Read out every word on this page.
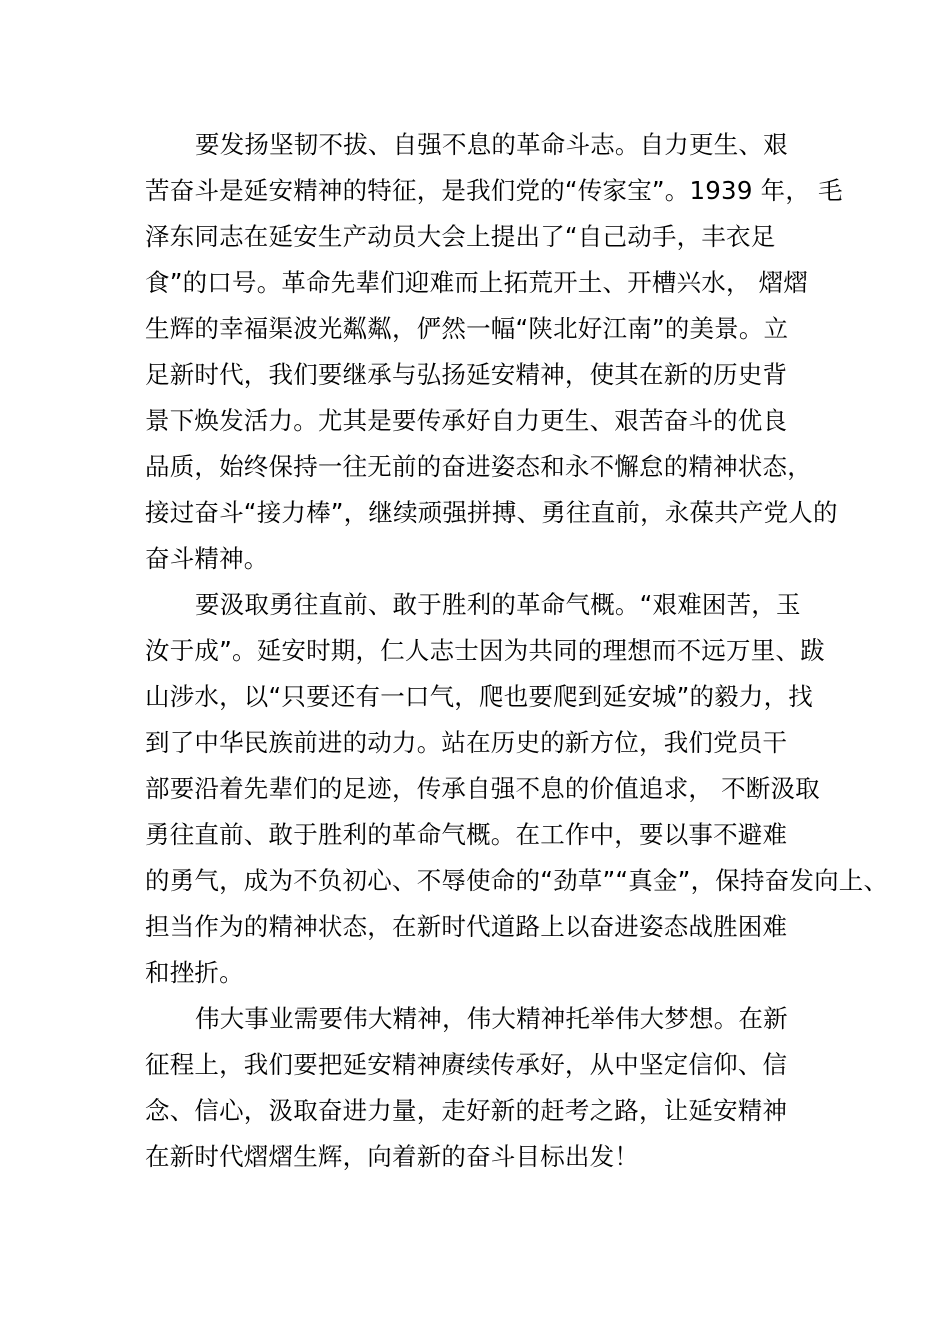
要发扬坚韧不拔、自强不息的革命斗志。自力更生、艰
苦奋斗是延安精神的特征，是我们党的“传家宝”。1939 年， 毛
泽东同志在延安生产动员大会上提出了“自己动手，丰衣足
食”的口号。革命先辈们迎难而上拓荒开土、开槽兴水， 熠熠
生辉的幸福渠波光粼粼，俨然一幅“陕北好江南”的美景。立
足新时代，我们要继承与弘扬延安精神，使其在新的历史背
景下焕发活力。尤其是要传承好自力更生、艰苦奋斗的优良
品质，始终保持一往无前的奋进姿态和永不懈怠的精神状态，
接过奋斗“接力棒”，继续顽强拼搏、勇往直前，永葆共产党人的
奋斗精神。
要汲取勇往直前、敢于胜利的革命气概。“艰难困苦，玉
汝于成”。延安时期，仁人志士因为共同的理想而不远万里、跋
山涉水，以“只要还有一口气，爬也要爬到延安城”的毅力，找
到了中华民族前进的动力。站在历史的新方位，我们党员干
部要沿着先辈们的足迹，传承自强不息的价值追求， 不断汲取
勇往直前、敢于胜利的革命气概。在工作中，要以事不避难
的勇气，成为不负初心、不辱使命的“劲草”“真金”，保持奋发向上、
担当作为的精神状态，在新时代道路上以奋进姿态战胜困难
和挫折。
伟大事业需要伟大精神，伟大精神托举伟大梦想。在新
征程上，我们要把延安精神赓续传承好，从中坚定信仰、信
念、信心，汲取奋进力量，走好新的赶考之路，让延安精神
在新时代熠熠生辉，向着新的奋斗目标出发！
